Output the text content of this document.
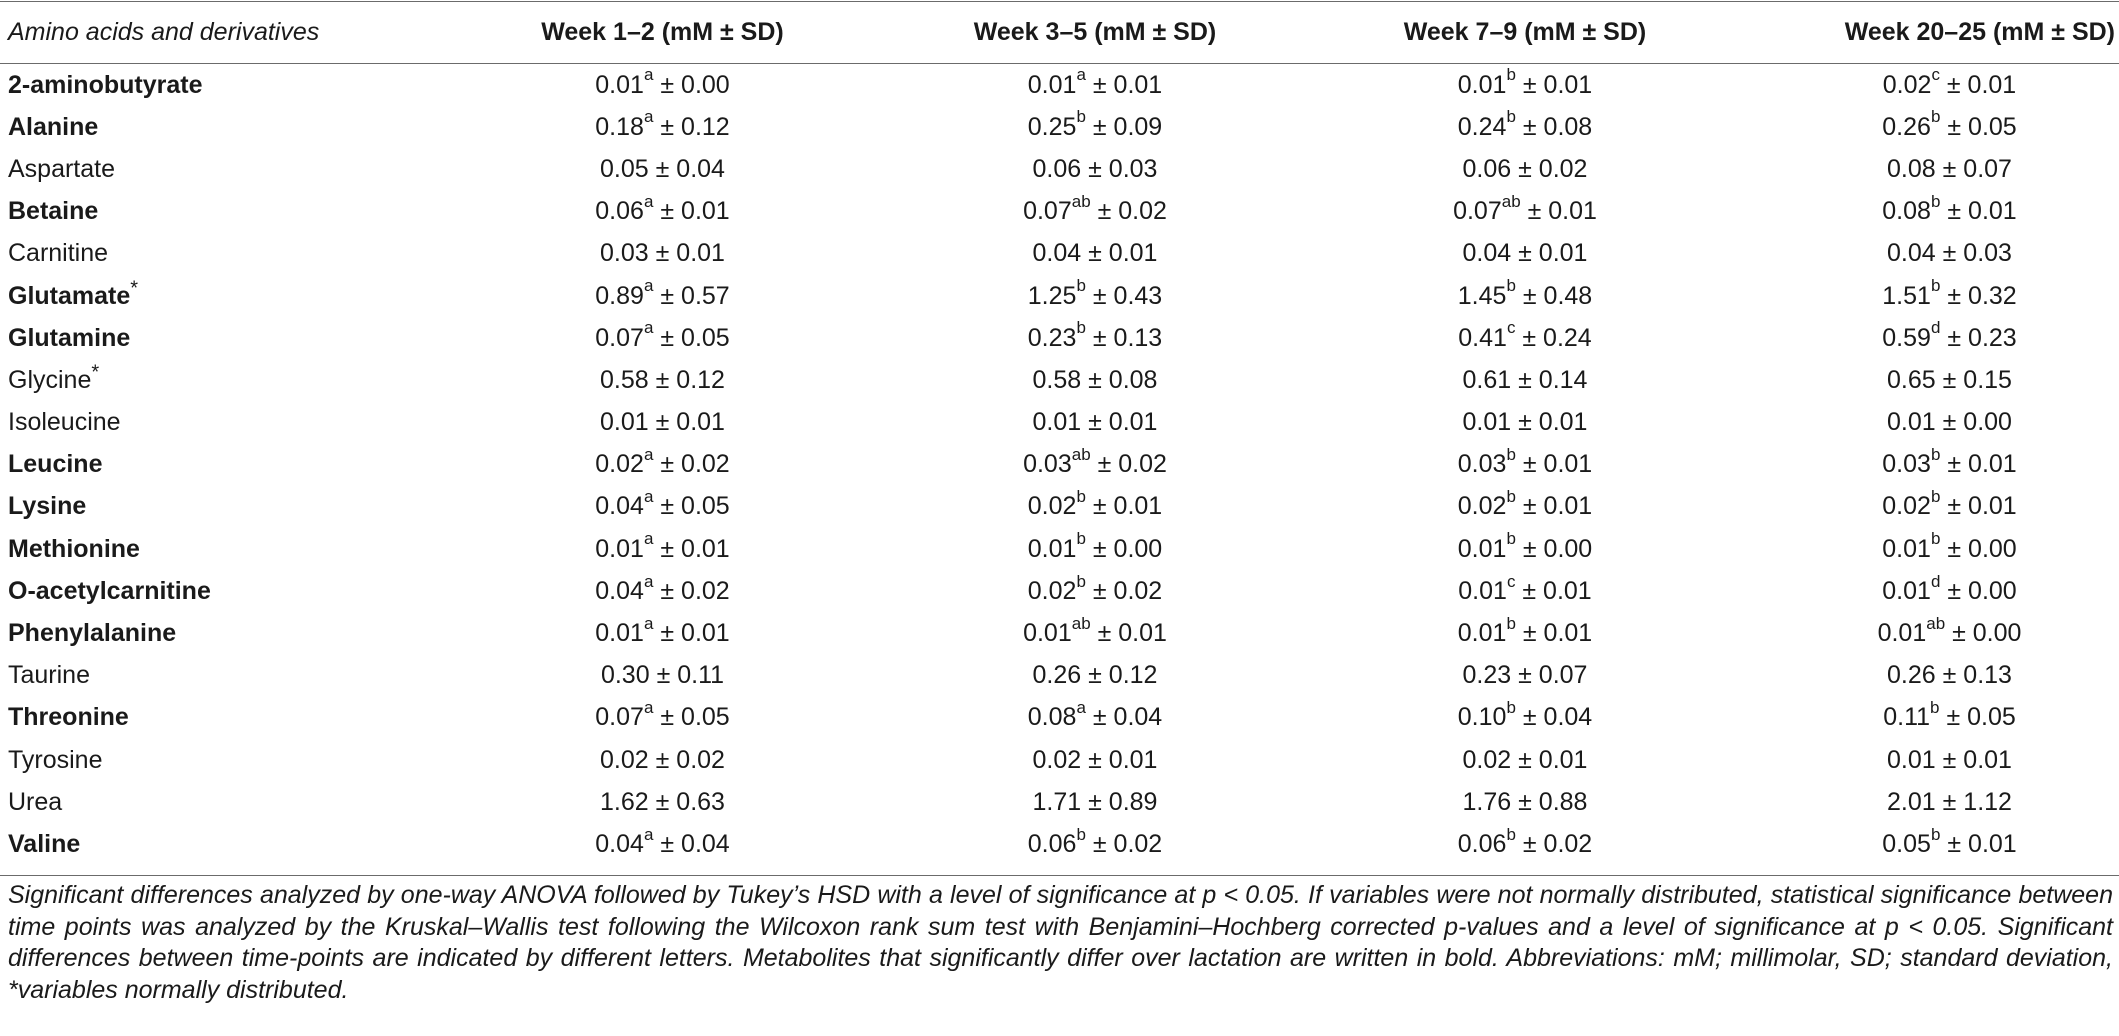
Amino acids and derivatives	Week 1–2 (mM ± SD)	Week 3–5 (mM ± SD)	Week 7–9 (mM ± SD)	Week 20–25 (mM ± SD)
2-aminobutyrate	0.01$^a$ ± 0.00	0.01$^a$ ± 0.01	0.01$^b$ ± 0.01	0.02$^c$ ± 0.01
Alanine	0.18$^a$ ± 0.12	0.25$^b$ ± 0.09	0.24$^b$ ± 0.08	0.26$^b$ ± 0.05
Aspartate	0.05 ± 0.04	0.06 ± 0.03	0.06 ± 0.02	0.08 ± 0.07
Betaine	0.06$^a$ ± 0.01	0.07$^{ab}$ ± 0.02	0.07$^{ab}$ ± 0.01	0.08$^b$ ± 0.01
Carnitine	0.03 ± 0.01	0.04 ± 0.01	0.04 ± 0.01	0.04 ± 0.03
Glutamate*	0.89$^a$ ± 0.57	1.25$^b$ ± 0.43	1.45$^b$ ± 0.48	1.51$^b$ ± 0.32
Glutamine	0.07$^a$ ± 0.05	0.23$^b$ ± 0.13	0.41$^c$ ± 0.24	0.59$^d$ ± 0.23
Glycine*	0.58 ± 0.12	0.58 ± 0.08	0.61 ± 0.14	0.65 ± 0.15
Isoleucine	0.01 ± 0.01	0.01 ± 0.01	0.01 ± 0.01	0.01 ± 0.00
Leucine	0.02$^a$ ± 0.02	0.03$^{ab}$ ± 0.02	0.03$^b$ ± 0.01	0.03$^b$ ± 0.01
Lysine	0.04$^a$ ± 0.05	0.02$^b$ ± 0.01	0.02$^b$ ± 0.01	0.02$^b$ ± 0.01
Methionine	0.01$^a$ ± 0.01	0.01$^b$ ± 0.00	0.01$^b$ ± 0.00	0.01$^b$ ± 0.00
O-acetylcarnitine	0.04$^a$ ± 0.02	0.02$^b$ ± 0.02	0.01$^c$ ± 0.01	0.01$^d$ ± 0.00
Phenylalanine	0.01$^a$ ± 0.01	0.01$^{ab}$ ± 0.01	0.01$^b$ ± 0.01	0.01$^{ab}$ ± 0.00
Taurine	0.30 ± 0.11	0.26 ± 0.12	0.23 ± 0.07	0.26 ± 0.13
Threonine	0.07$^a$ ± 0.05	0.08$^a$ ± 0.04	0.10$^b$ ± 0.04	0.11$^b$ ± 0.05
Tyrosine	0.02 ± 0.02	0.02 ± 0.01	0.02 ± 0.01	0.01 ± 0.01
Urea	1.62 ± 0.63	1.71 ± 0.89	1.76 ± 0.88	2.01 ± 1.12
Valine	0.04$^a$ ± 0.04	0.06$^b$ ± 0.02	0.06$^b$ ± 0.02	0.05$^b$ ± 0.01
Significant differences analyzed by one-way ANOVA followed by Tukey’s HSD with a level of significance at p < 0.05. If variables were not normally distributed, statistical significance between time points was analyzed by the Kruskal–Wallis test following the Wilcoxon rank sum test with Benjamini–Hochberg corrected p-values and a level of significance at p < 0.05. Significant differences between time-points are indicated by different letters. Metabolites that significantly differ over lactation are written in bold. Abbreviations: mM; millimolar, SD; standard deviation, *variables normally distributed.
